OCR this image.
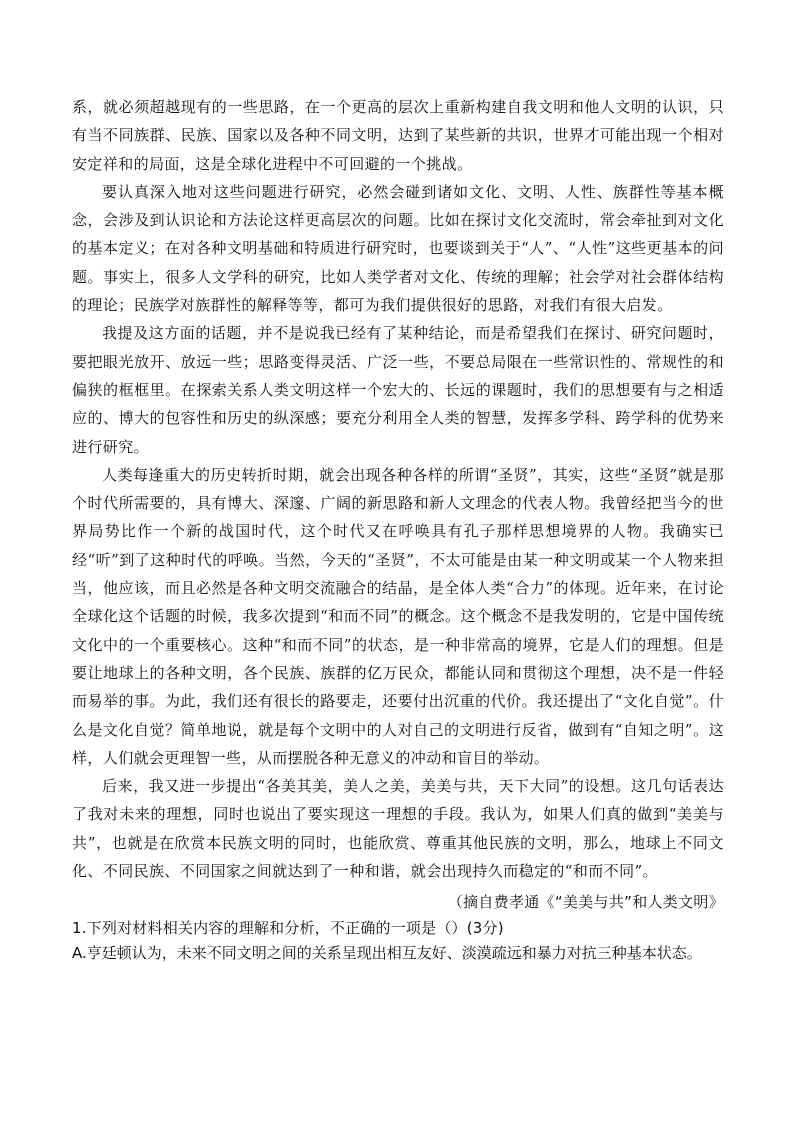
系，就必须超越现有的一些思路，在一个更高的层次上重新构建自我文明和他人文明的认识，只有当不同族群、民族、国家以及各种不同文明，达到了某些新的共识，世界才可能出现一个相对安定祥和的局面，这是全球化进程中不可回避的一个挑战。

要认真深入地对这些问题进行研究，必然会碰到诸如文化、文明、人性、族群性等基本概念，会涉及到认识论和方法论这样更高层次的问题。比如在探讨文化交流时，常会牵扯到对文化的基本定义；在对各种文明基础和特质进行研究时，也要谈到关于“人”、“人性”这些更基本的问题。事实上，很多人文学科的研究，比如人类学者对文化、传统的理解；社会学对社会群体结构的理论；民族学对族群性的解释等等，都可为我们提供很好的思路，对我们有很大启发。

我提及这方面的话题，并不是说我已经有了某种结论，而是希望我们在探讨、研究问题时，要把眼光放开、放远一些；思路变得灵活、广泛一些，不要总局限在一些常识性的、常规性的和偏狭的框框里。在探索关系人类文明这样一个宏大的、长远的课题时，我们的思想要有与之相适应的、博大的包容性和历史的纵深感；要充分利用全人类的智慧，发挥多学科、跨学科的优势来进行研究。

人类每逢重大的历史转折时期，就会出现各种各样的所谓“圣贤”，其实，这些“圣贤”就是那个时代所需要的，具有博大、深邃、广阔的新思路和新人文理念的代表人物。我曾经把当今的世界局势比作一个新的战国时代，这个时代又在呼唤具有孔子那样思想境界的人物。我确实已经“听”到了这种时代的呼唤。当然，今天的“圣贤”，不太可能是由某一种文明或某一个人物来担当，他应该，而且必然是各种文明交流融合的结晶，是全体人类“合力”的体现。近年来，在讨论全球化这个话题的时候，我多次提到“和而不同”的概念。这个概念不是我发明的，它是中国传统文化中的一个重要核心。这种“和而不同”的状态，是一种非常高的境界，它是人们的理想。但是要让地球上的各种文明，各个民族、族群的亿万民众，都能认同和贯彻这个理想，决不是一件轻而易举的事。为此，我们还有很长的路要走，还要付出沉重的代价。我还提出了“文化自觉”。什么是文化自觉？简单地说，就是每个文明中的人对自己的文明进行反省，做到有“自知之明”。这样，人们就会更理智一些，从而摆脱各种无意义的冲动和盲目的举动。

后来，我又进一步提出“各美其美，美人之美，美美与共，天下大同”的设想。这几句话表达了我对未来的理想，同时也说出了要实现这一理想的手段。我认为，如果人们真的做到“美美与共”，也就是在欣赏本民族文明的同时，也能欣赏、尊重其他民族的文明，那么，地球上不同文化、不同民族、不同国家之间就达到了一种和谐，就会出现持久而稳定的“和而不同”。

（摘自费孝通《“美美与共”和人类文明》

1.下列对材料相关内容的理解和分析，不正确的一项是（）(3分)

A.亨廷顿认为，未来不同文明之间的关系呈现出相互友好、淡漠疏远和暴力对抗三种基本状态。
